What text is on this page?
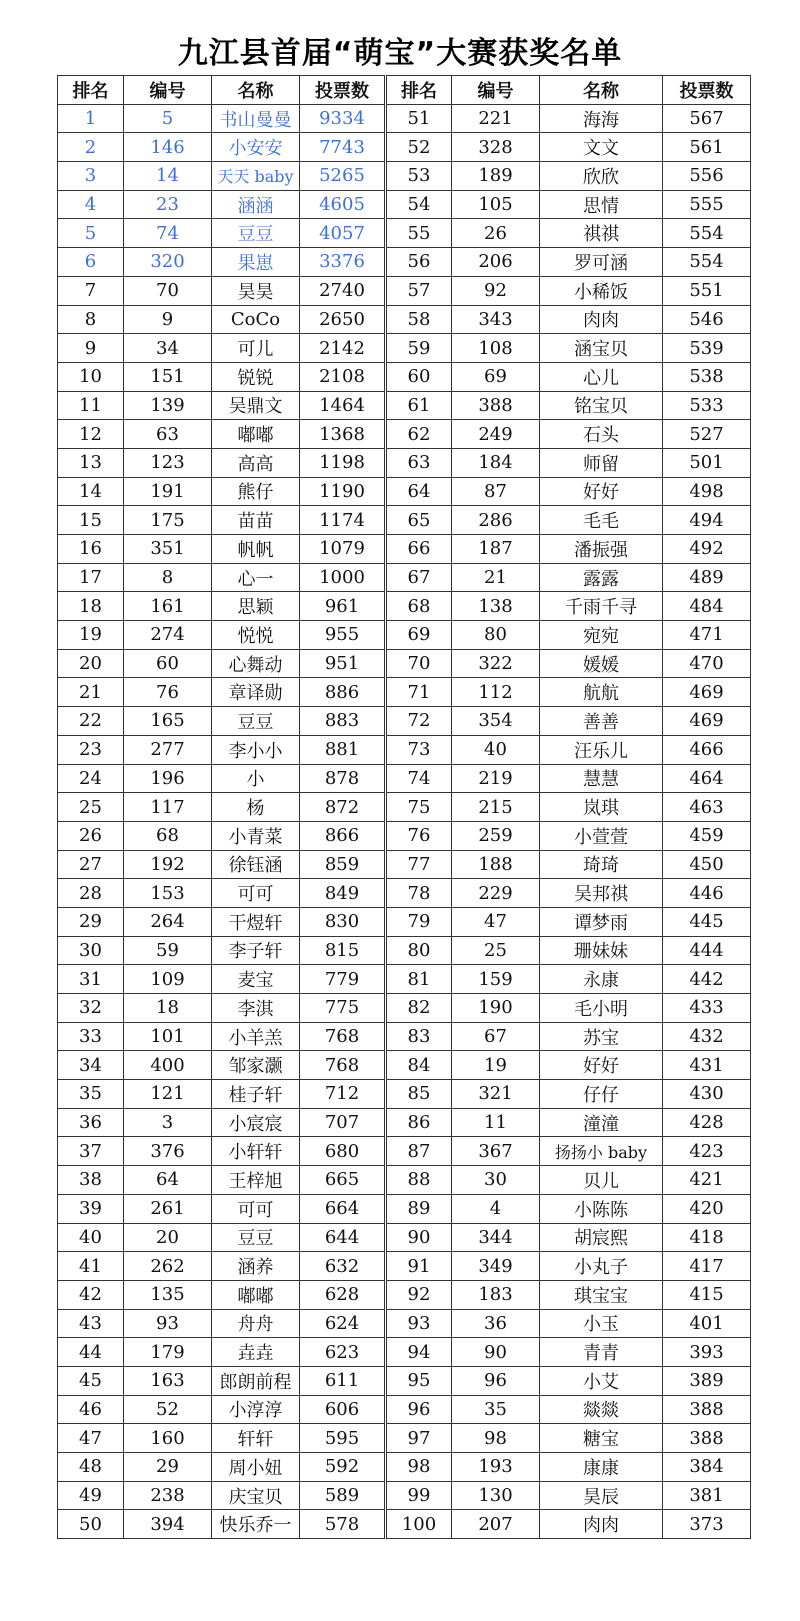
九江县首届“萌宝”大赛获奖名单
排名	编号	名称	投票数	排名	编号	名称	投票数
1	5	书山曼曼	9334	51	221	海海	567
2	146	小安安	7743	52	328	文文	561
3	14	天天 baby	5265	53	189	欣欣	556
4	23	涵涵	4605	54	105	思情	555
5	74	豆豆	4057	55	26	祺祺	554
6	320	果崽	3376	56	206	罗可涵	554
7	70	昊昊	2740	57	92	小稀饭	551
8	9	CoCo	2650	58	343	肉肉	546
9	34	可儿	2142	59	108	涵宝贝	539
10	151	锐锐	2108	60	69	心儿	538
11	139	吴鼎文	1464	61	388	铭宝贝	533
12	63	嘟嘟	1368	62	249	石头	527
13	123	高高	1198	63	184	师留	501
14	191	熊仔	1190	64	87	好好	498
15	175	苗苗	1174	65	286	毛毛	494
16	351	帆帆	1079	66	187	潘振强	492
17	8	心一	1000	67	21	露露	489
18	161	思颖	961	68	138	千雨千寻	484
19	274	悦悦	955	69	80	宛宛	471
20	60	心舞动	951	70	322	媛媛	470
21	76	章译勋	886	71	112	航航	469
22	165	豆豆	883	72	354	善善	469
23	277	李小小	881	73	40	汪乐儿	466
24	196	小	878	74	219	慧慧	464
25	117	杨	872	75	215	岚琪	463
26	68	小青菜	866	76	259	小萱萱	459
27	192	徐钰涵	859	77	188	琦琦	450
28	153	可可	849	78	229	吴邦祺	446
29	264	干煜轩	830	79	47	谭梦雨	445
30	59	李子轩	815	80	25	珊妹妹	444
31	109	麦宝	779	81	159	永康	442
32	18	李淇	775	82	190	毛小明	433
33	101	小羊羔	768	83	67	苏宝	432
34	400	邹家灏	768	84	19	好好	431
35	121	桂子轩	712	85	321	仔仔	430
36	3	小宸宸	707	86	11	潼潼	428
37	376	小轩轩	680	87	367	扬扬小 baby	423
38	64	王梓旭	665	88	30	贝儿	421
39	261	可可	664	89	4	小陈陈	420
40	20	豆豆	644	90	344	胡宸熙	418
41	262	涵养	632	91	349	小丸子	417
42	135	嘟嘟	628	92	183	琪宝宝	415
43	93	舟舟	624	93	36	小玉	401
44	179	垚垚	623	94	90	青青	393
45	163	郎朗前程	611	95	96	小艾	389
46	52	小淳淳	606	96	35	燚燚	388
47	160	轩轩	595	97	98	糖宝	388
48	29	周小妞	592	98	193	康康	384
49	238	庆宝贝	589	99	130	昊辰	381
50	394	快乐乔一	578	100	207	肉肉	373
